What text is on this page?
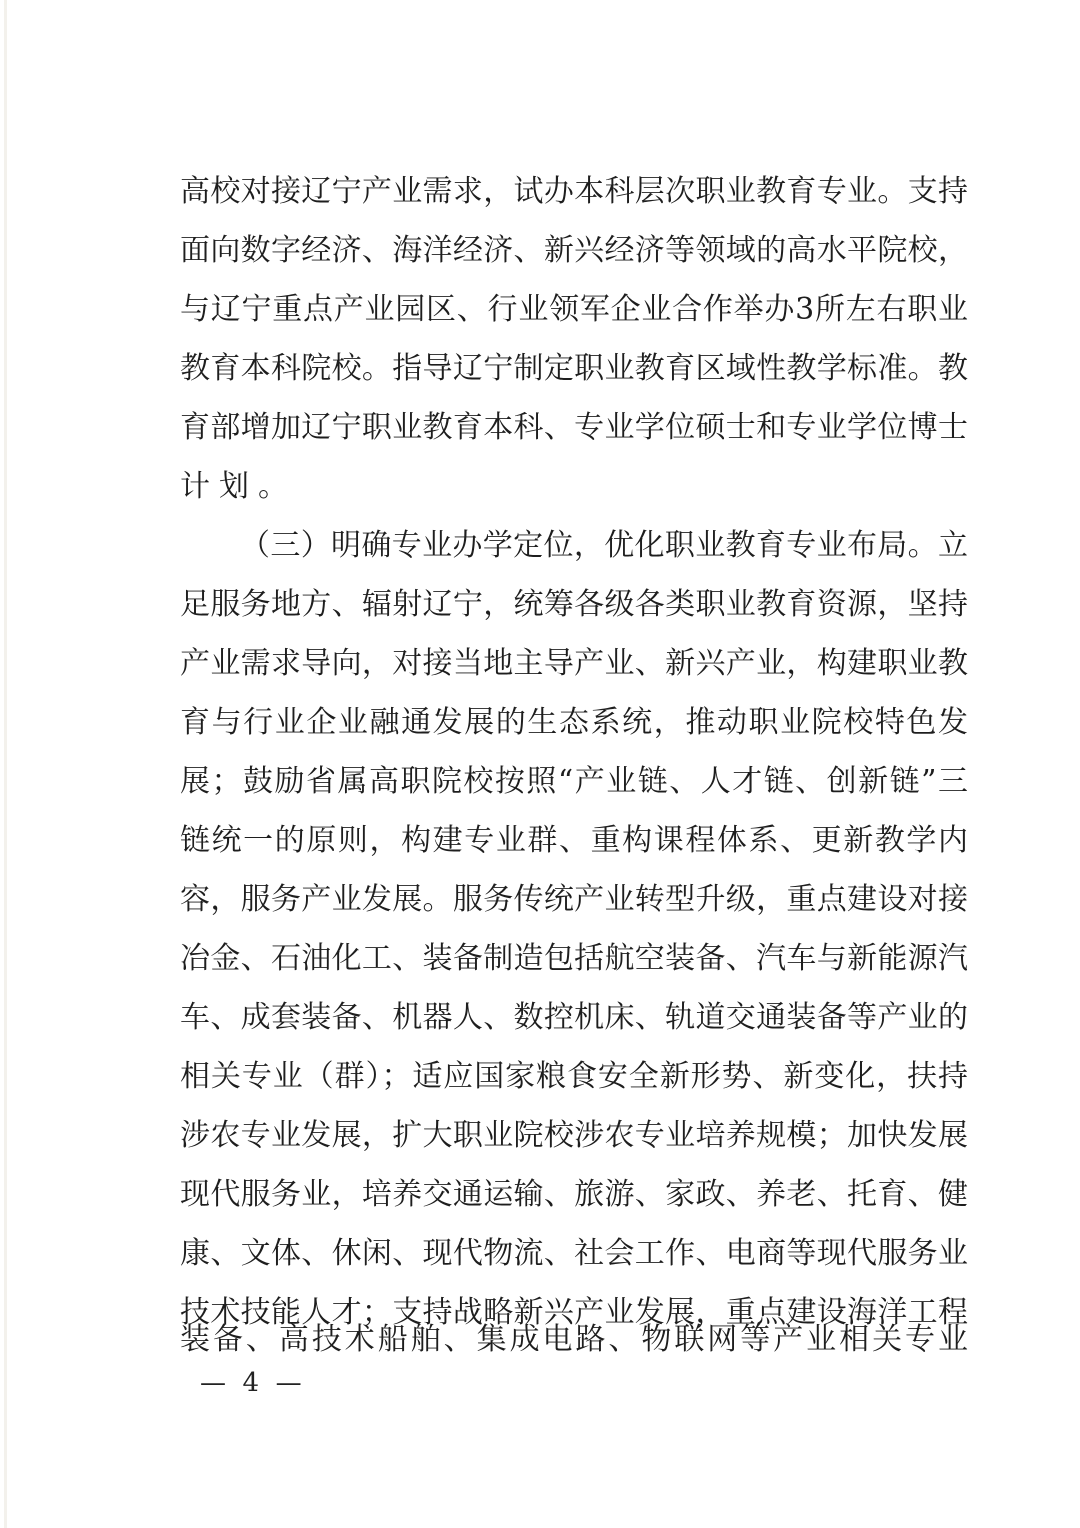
高校对接辽宁产业需求，试办本科层次职业教育专业。支持
面向数字经济、海洋经济、新兴经济等领域的高水平院校，
与辽宁重点产业园区、行业领军企业合作举办3所左右职业
教育本科院校。指导辽宁制定职业教育区域性教学标准。教
育部增加辽宁职业教育本科、专业学位硕士和专业学位博士
计划。
（三）明确专业办学定位，优化职业教育专业布局。立
足服务地方、辐射辽宁，统筹各级各类职业教育资源，坚持
产业需求导向，对接当地主导产业、新兴产业，构建职业教
育与行业企业融通发展的生态系统，推动职业院校特色发
展；鼓励省属高职院校按照“产业链、人才链、创新链”三
链统一的原则，构建专业群、重构课程体系、更新教学内
容，服务产业发展。服务传统产业转型升级，重点建设对接
冶金、石油化工、装备制造包括航空装备、汽车与新能源汽
车、成套装备、机器人、数控机床、轨道交通装备等产业的
相关专业（群）；适应国家粮食安全新形势、新变化，扶持
涉农专业发展，扩大职业院校涉农专业培养规模；加快发展
现代服务业，培养交通运输、旅游、家政、养老、托育、健
康、文体、休闲、现代物流、社会工作、电商等现代服务业
技术技能人才；支持战略新兴产业发展，重点建设海洋工程
装备、高技术船舶、集成电路、物联网等产业相关专业
—  4  —
